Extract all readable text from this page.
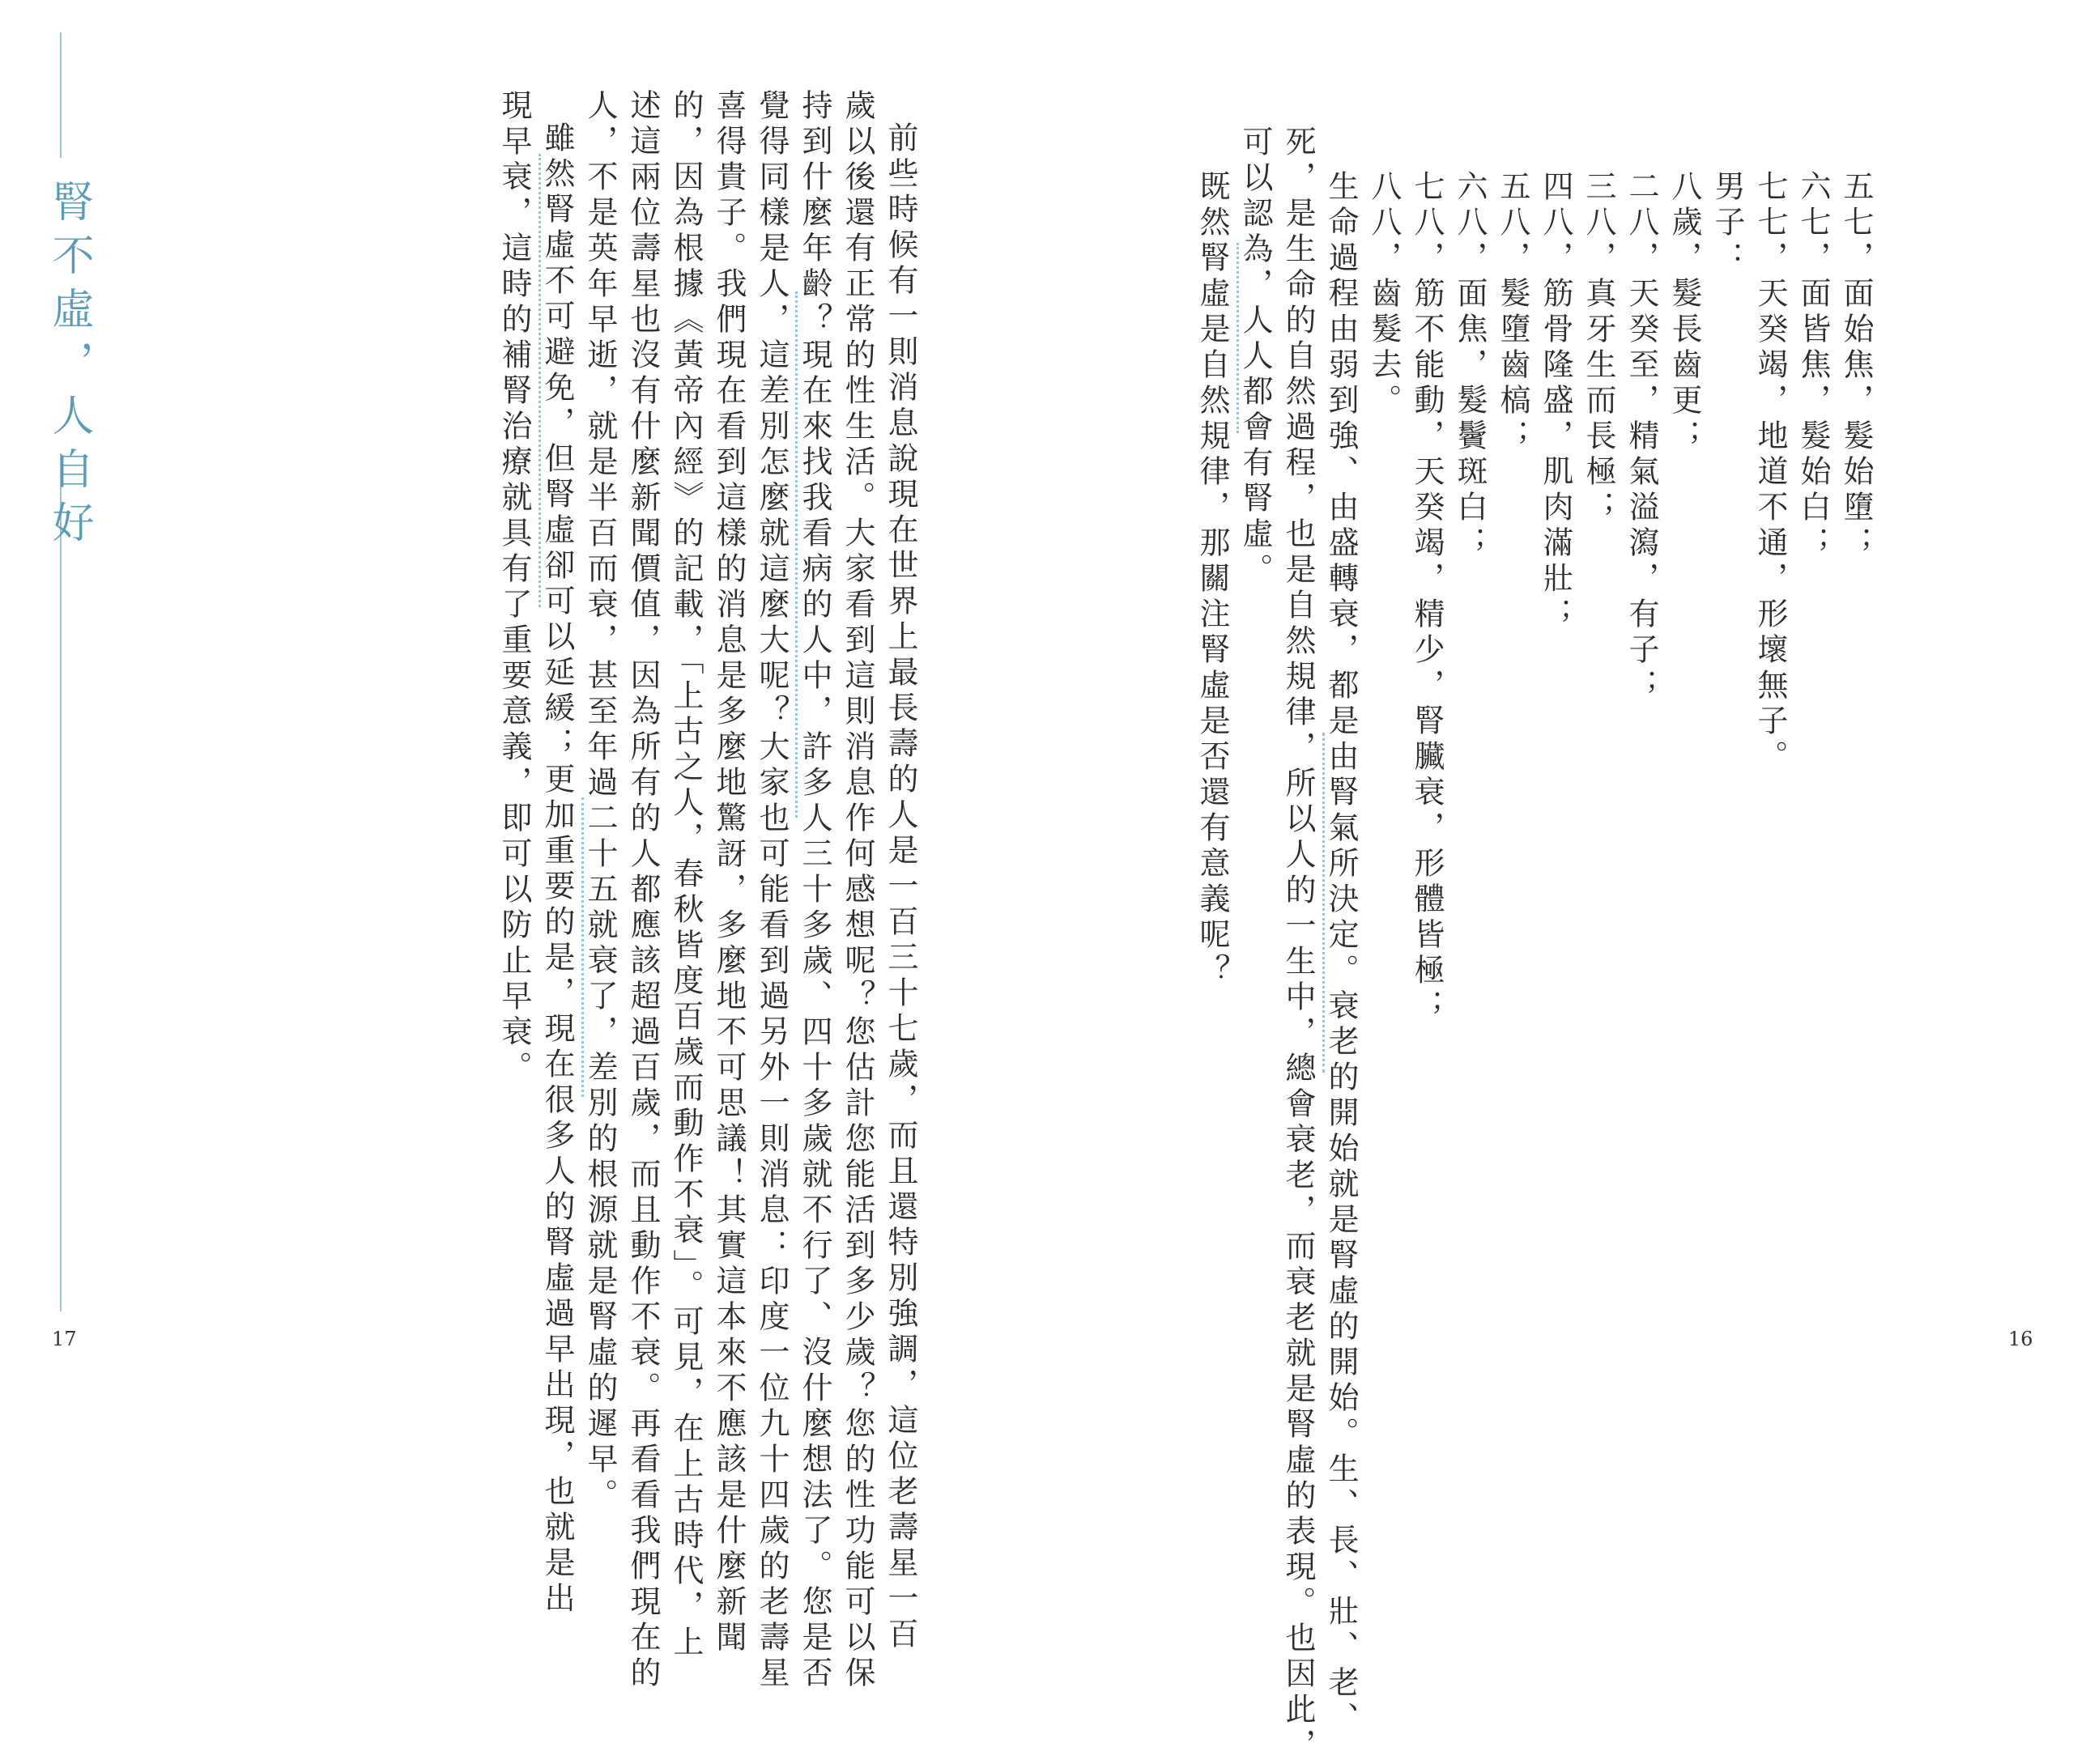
腎不虛，人自好
17	前些時候有一則消息說現在世界上最長壽的人是一百三十七歲，而且還特別強調，這位老壽星一百
歲以後還有正常的性生活。大家看到這則消息作何感想呢？您估計您能活到多少歲？您的性功能可以保
持到什麼年齡？現在來找我看病的人中，許多人三十多歲、四十多歲就不行了、沒什麼想法了。您是否
覺得同樣是人，這差別怎麼就這麼大呢？大家也可能看到過另外一則消息：印度一位九十四歲的老壽星
喜得貴子。我們現在看到這樣的消息是多麼地驚訝，多麼地不可思議！其實這本來不應該是什麼新聞
的，因為根據《黃帝內經》的記載，「上古之人，春秋皆度百歲而動作不衰」。可見，在上古時代，上
述這兩位壽星也沒有什麼新聞價值，因為所有的人都應該超過百歲，而且動作不衰。再看看我們現在的
人，不是英年早逝，就是半百而衰，甚至年過二十五就衰了，差別的根源就是腎虛的遲早。
雖然腎虛不可避免，但腎虛卻可以延緩；更加重要的是，現在很多人的腎虛過早出現，也就是出
現早衰，這時的補腎治療就具有了重要意義，即可以防止早衰。
16
五七，面始焦，髮始墮；
六七，面皆焦，髮始白；
七七，天癸竭，地道不通，形壞無子。
男子：
八歲，髮長齒更；
二八，天癸至，精氣溢瀉，有子；
三八，真牙生而長極；
四八，筋骨隆盛，肌肉滿壯；
五八，髮墮齒槁；
六八，面焦，髮鬢斑白；
七八，筋不能動，天癸竭，精少，腎臟衰，形體皆極；
八八，齒髮去。
生命過程由弱到強、由盛轉衰，都是由腎氣所決定。衰老的開始就是腎虛的開始。生、長、壯、老、
死，是生命的自然過程，也是自然規律，所以人的一生中，總會衰老，而衰老就是腎虛的表現。也因此，
可以認為，人人都會有腎虛。
既然腎虛是自然規律，那關注腎虛是否還有意義呢？
